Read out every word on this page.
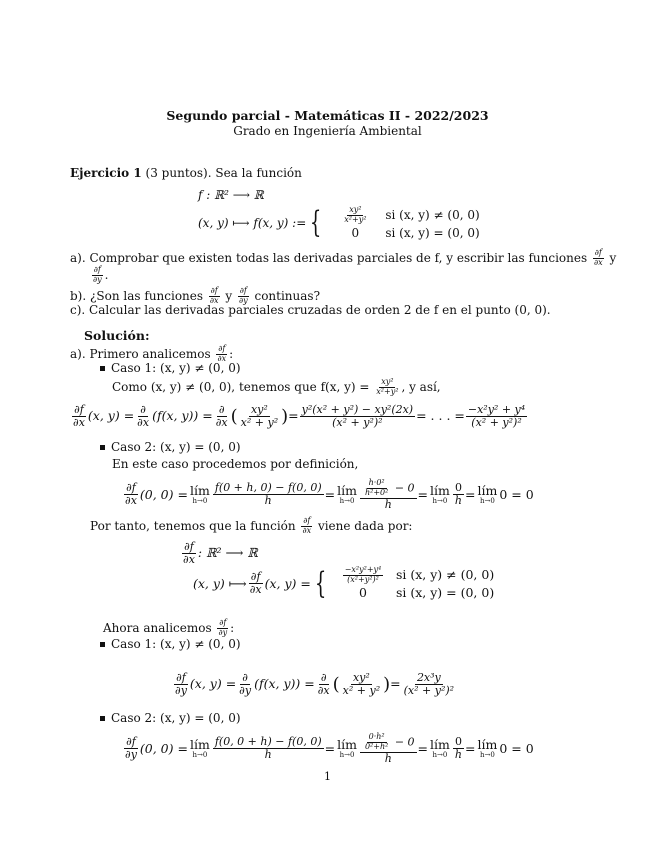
Segundo parcial - Matemáticas II - 2022/2023
Grado en Ingeniería Ambiental
Ejercicio 1 (3 puntos). Sea la función
f : ℝ² ⟶ ℝ
(x, y) ⟼ f(x, y) := {	$\frac{\text{xy²}}{\text{x²+y²}}$ si (x, y) ≠ (0, 0)
0	si (x, y) = (0, 0)
a). Comprobar que existen todas las derivadas parciales de f, y escribir las funciones $\frac{\partial f}{\partial x}$ y
$\frac{\partial f}{\partial y}$ .
b). ¿Son las funciones $\frac{\partial f}{\partial x}$ y $\frac{\partial f}{\partial y}$ continuas?
c). Calcular las derivadas parciales cruzadas de orden 2 de f en el punto (0, 0).
Solución:
a). Primero analicemos $\frac{\partial f}{\partial x}$ :
Caso 1: (x, y) ≠ (0, 0)
Como (x, y) ≠ (0, 0), tenemos que f(x, $y) = \frac{\text{xy²}}{\text{x²+y²}}$ , y así,
$\frac{\partial f}{\partial x} (x$, $y) = \frac{\partial}{\partial x} (f(x$, $y)) = \frac{\partial}{\partial x}$ ( $\frac{\text{xy²}}{\text{x² + y²}}$ ) = $\frac{\text{y²(x² + y²) − xy²(2x)}}{\text{(x² + y²)²}}$ = . . . = $\frac{\text{−x²y² + y⁴}}{\text{(x² + y²)²}}$
Caso 2: (x, y) = (0, 0)
En este caso procedemos por definición,
$\frac{\partial f}{\partial x} (0$, 0) = lím
$h\to 0 \frac{f(0 + h, 0) - f(0, 0)}{h}$ = lím
$h\to 0 \frac{\frac{\text{h·0²}}{\text{h²+0²}} - 0}{h}$ = lím
$h\to 0 \frac{0}{h}$ = lím
h→0 0 = 0
Por tanto, tenemos que la función $\frac{\partial f}{\partial x}$ viene dada por:
$\frac{\partial f}{\partial x}$ : ℝ² ⟶ ℝ
(x, y) ⟼ $\frac{\partial f}{\partial x} (x$, y) = { $\frac{\text{−x²y²+y⁴}}{\text{(x²+y²)²}}$ si (x, y) ≠ (0, 0)
0	si (x, y) = (0, 0)
Ahora analicemos $\frac{\partial f}{\partial y}$ :
Caso 1: (x, y) ≠ (0, 0)
$\frac{\partial f}{\partial y} (x$, $y) = \frac{\partial}{\partial y} (f(x$, $y)) = \frac{\partial}{\partial x}$ ( $\frac{\text{xy²}}{\text{x² + y²}}$ ) = $\frac{\text{2x³y}}{\text{(x² + y²)²}}$
Caso 2: (x, y) = (0, 0)
$\frac{\partial f}{\partial y} (0$, 0) = lím
$h\to 0 \frac{f(0, 0 + h) - f(0, 0)}{h}$ = lím
$h\to 0 \frac{\frac{\text{0·h²}}{\text{0²+h²}} - 0}{h}$ = lím
$h\to 0 \frac{0}{h}$ = lím
h→0 0 = 0
1
